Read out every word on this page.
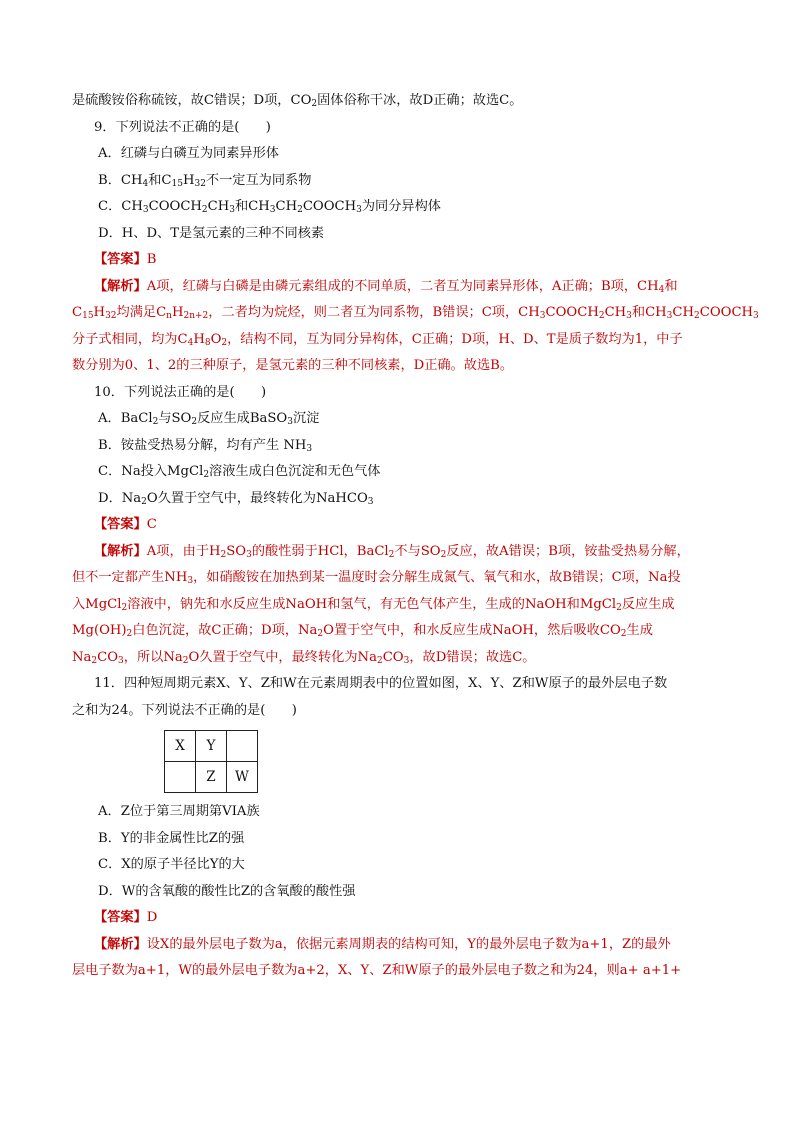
是硫酸铵俗称硫铵，故C错误；D项，$CO_2$固体俗称干冰，故D正确；故选C。
9．下列说法不正确的是(　　)
A．红磷与白磷互为同素异形体
B．$CH_4$和$C_{15}H_{32}$不一定互为同系物
C．$CH_3COOCH_2CH_3$和$CH_3CH_2COOCH_3$为同分异构体
D．H、D、T是氢元素的三种不同核素
【答案】B
【解析】A项，红磷与白磷是由磷元素组成的不同单质，二者互为同素异形体，A正确；B项，$CH_4$和
$C_{15}H_{32}$均满足$C_nH_{2n+2}$，二者均为烷烃，则二者互为同系物，B错误；C项，$CH_3COOCH_2CH_3$和$CH_3CH_2COOCH_3$
分子式相同，均为$C_4H_8O_2$，结构不同，互为同分异构体，C正确；D项，H、D、T是质子数均为1，中子
数分别为0、1、2的三种原子，是氢元素的三种不同核素，D正确。故选B。
10．下列说法正确的是(　　)
A．BaCl$_2$与$SO_2$反应生成BaSO$_3$沉淀
B．铵盐受热易分解，均有产生 $NH_3$
C．Na投入MgCl$_2$溶液生成白色沉淀和无色气体
D．$Na_2O$久置于空气中，最终转化为NaHCO$_3$
【答案】C
【解析】A项，由于$H_2SO_3$的酸性弱于HCl，BaCl$_2$不与$SO_2$反应，故A错误；B项，铵盐受热易分解，
但不一定都产生$NH_3$，如硝酸铵在加热到某一温度时会分解生成氮气、氧气和水，故B错误；C项，Na投
入MgCl$_2$溶液中，钠先和水反应生成NaOH和氢气，有无色气体产生，生成的NaOH和MgCl$_2$反应生成
$Mg(OH)_2$白色沉淀，故C正确；D项，$Na_2O$置于空气中，和水反应生成NaOH，然后吸收$CO_2$生成
$Na_2CO_3$，所以$Na_2O$久置于空气中，最终转化为$Na_2CO_3$，故D错误；故选C。
11．四种短周期元素X、Y、Z和W在元素周期表中的位置如图，X、Y、Z和W原子的最外层电子数
之和为24。下列说法不正确的是(　　)
X	Y	
	Z	W
A．Z位于第三周期第VIA族
B．Y的非金属性比Z的强
C．X的原子半径比Y的大
D．W的含氧酸的酸性比Z的含氧酸的酸性强
【答案】D
【解析】设X的最外层电子数为a，依据元素周期表的结构可知，Y的最外层电子数为a+1，Z的最外
层电子数为a+1，W的最外层电子数为a+2，X、Y、Z和W原子的最外层电子数之和为24，则a+ a+1+
